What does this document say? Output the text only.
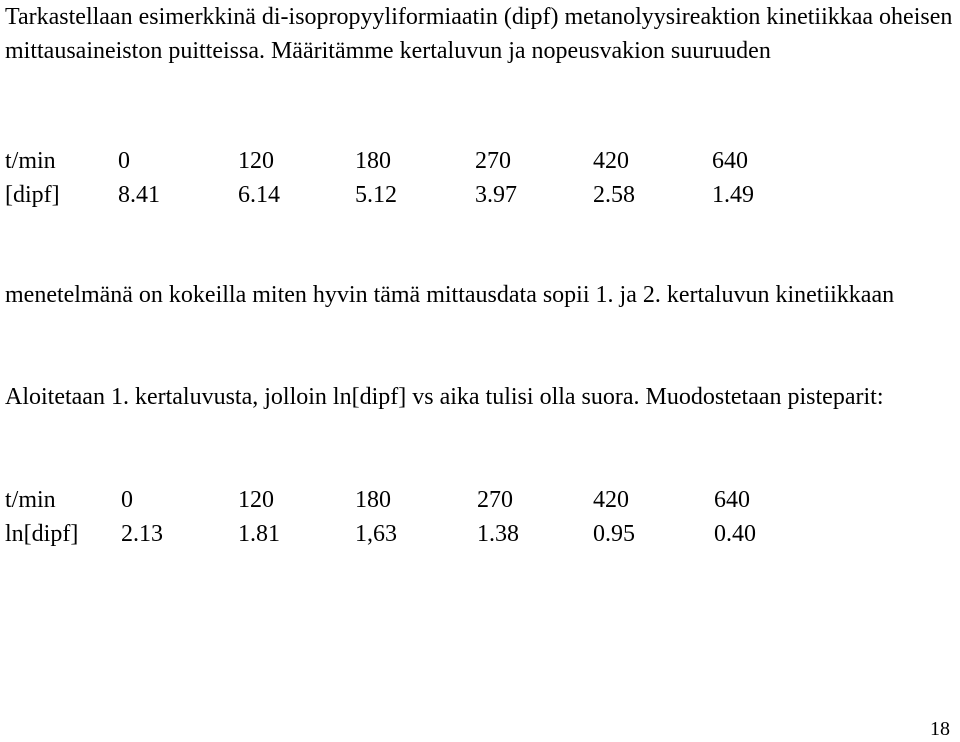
Tarkastellaan esimerkkinä di-isopropyyliformiaatin (dipf) metanolyysireaktion kinetiikkaa oheisen mittausaineiston puitteissa. Määritämme kertaluvun ja nopeusvakion suuruuden

t/min	0	120	180	270	420	640
[dipf] 8.41	6.14	5.12	3.97	2.58	1.49

menetelmänä on kokeilla miten hyvin tämä mittausdata sopii 1. ja 2. kertaluvun kinetiikkaan

Aloitetaan 1. kertaluvusta, jolloin ln[dipf] vs aika tulisi olla suora. Muodostetaan pisteparit:

t/min	0	120	180	270	420	640
ln[dipf] 2.13	1.81	1,63	1.38	0.95	0.40
18
